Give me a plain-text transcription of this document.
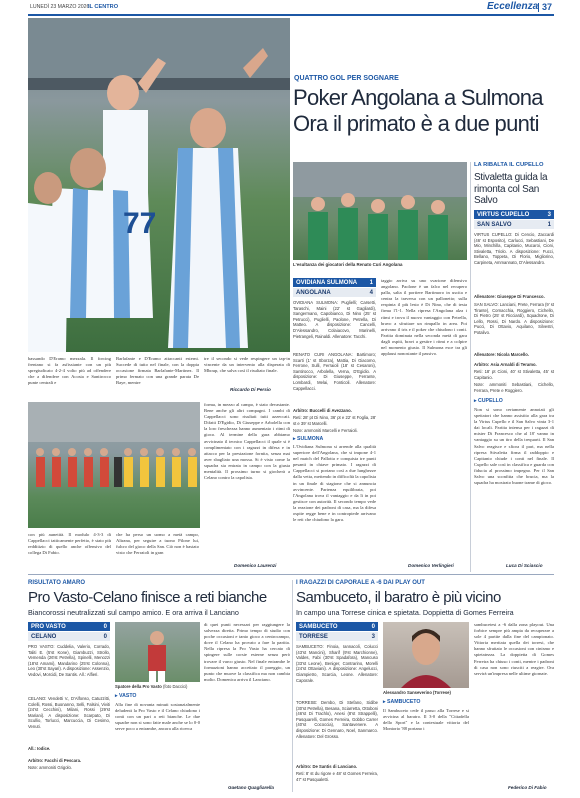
LUNEDÌ 23 MARZO 2026
IL CENTRO	Eccellenza 37
77
QUATTRO GOL PER SOGNARE
Poker Angolana a Sulmona
Ora il primato è a due punti
L'esultanza dei giocatori della Renato Curi Angolana
bassando D'Eramo mezzala. Il forcing frentano si fa asfissiante con un più spregiudicato 4-2-4 volto più ad offendere che a difendere con Acosta e Santirocco punte centrali e
Barlafante e D'Eramo attaccanti esterni. Succede di tutto nel finale, con la doppia occasione firmata Barlafante-Martinez. Il primo fermato con una grande parata De Baye, mentre
tre il secondo si vede respingere un tap-in vincente da un intervento alla disperata di Mboup, che salva così il risultato finale.
Riccardo Di Persio
con più aunetità. Il modulo 4-3-3 di Cappellacci tatticamente perfetto, è stato più redditizio di quello anche offensivo del collega Di Fabio.
che ha perso un uomo a metà campo, Altrana, per seguire a tuono Pilone lui, fulcro del gioco della San. Ciò non è bastato visto che Ferraioli in gran
forma, in mezzo al campo, è stato devastante. Bene anche gli altri compagni. I cambi di Cappellacci sono risultati tutti azzeccati. Difatti D'Egidio, Di Giuseppe e Arbolella con la loro freschezza hanno aumentato i ritmi di gioco. Al termine della gara abbiamo avvicinato il tecnico Cappellacci il quale si è complimentato con i ragazzi in difesa e in attacco per la prestazione fornita, senza mai aver sbagliato una mossa. Si è visto come la squadra sia entrata in campo con la giusta mentalità. Il prossimo turno si giocherà a Celano contro la capolista.
Domenico Laurenzi
OVIDIANA SULMONA 1
ANGOLANA	4
OVIDIANA SULMONA: Puglielli; Carsetti, Taraschi, Maini (22' st Gagliardi), Sangermano, Capobianco, Di Nino (25' st Petrucci), Puglielli, Paolone, Petrella, Di Matteo. A disposizione: Cancelli, D'Alessandro, Colaiacovo, Marinelli, Pietrangeli, Rainaldi. Allenatore: Tacchi.
RENATO CURI ANGOLANA: Bartimoro; Scarti (1' st Sborza), Mattia, Di Giacomo, Ferrone, Sulli, Ferraioli (18' st Cesaroni), Santirocco, Arbolella, Verna, D'Egidio. A disposizione: Di Giuseppe, Ferrante, Lombardi, Melai, Fonticoli. Allenatore: Cappellacci.
Arbitro: Buccelli di Avezzano.
Reti: 28' pt Di Nino, 36' pt e 22' st Foglia, 28' st e 39' st Marcelli.
Note: ammoniti Marcelli e Ferraioli.
▸ SULMONA
L'Ovidiana Sulmona si arrende alla qualità superiore dell'Angolana, che si impone 4-1 nel match del Pallotta e conquista tre punti pesanti in chiave primato. I ragazzi di Cappellacci si portano così a due lunghezze dalla vetta, mettendo in difficoltà la capolista in un finale di stagione che si annuncia avvincente. Partenza equilibrata, poi l'Angolana trova il vantaggio e da lì in poi gestisce con autorità. Il secondo tempo vede la reazione dei padroni di casa, ma la difesa ospite regge bene e in contropiede arrivano le reti che chiudono la gara.
taggio arriva su uno svarione difensivo angolano. Paolone è un falco nel recupero palla, salta il portiere Bartimoro in uscita e centra la traversa con un pallonetto; sulla respinta il più lesto è Di Nino, che di testa firma l'1-1. Nella ripresa l'Angolana alza i ritmi e trova il nuovo vantaggio con Petrella, bravo a sfruttare un rimpallo in area. Poi arrivano il tris e il poker che chiudono i conti. Partita dominata nella seconda metà di gara dagli ospiti, bravi a gestire i ritmi e a colpire nel momento giusto. Il Sulmona esce tra gli applausi nonostante il passivo.
Domenico Verlingieri
LA RIBALTA IL CUPELLO
Stivaletta guida la rimonta col San Salvo
VIRTUS CUPELLO	3
SAN SALVO	1
VIRTUS CUPELLO: Di Cencio, Zaccardi (46' st Esposito), Carlucci, Sebastiani, De Mio, Minchilla, Capitanio, Mucaroi, Cioni, Stivaletta, Triolo. A disposizione: Fucci, Bellano, Toppeta, Di Florio, Migliorino, Carpineta, Ammannato, D'Alessandro.
Allenatore: Giuseppe Di Francesco.
SAN SALVO: Lanciani, Prete, Ferrara (9' st Tirante), Cornacchia, Roggiero, Cichello, Di Pietro (25' st Ricciardi), Squadrone, Di Lello, Rossi, Di Nardo. A disposizione: Pucci, Di Ottavio, Aquilano, Silvestri, Potalivo.
Allenatore: Nicola Marcello.
Arbitro: Asia Arnaldi di Teramo.
Reti: 18' pt Cioni, 40' st Stivaletta, 45' st Capitanio.
Note: ammoniti Sebastiani, Cichello, Ferrara, Prete e Roggiero.
▸ CUPELLO
Non si sono certamente annoiati gli spettatori che hanno assistito alla gara tra la Virtus Cupello e il San Salvo vinta 3-1 dai locali. Partita intensa per i ragazzi di mister Di Francesco che al 18' vanno in vantaggio su un tiro della trequarti. Il San Salvo reagisce e sfiora il pari, ma nella ripresa Stivaletta firma il raddoppio e Capitanio chiude i conti nel finale. Il Cupello sale così in classifica e guarda con fiducia al prossimo impegno. Per il San Salvo una sconfitta che brucia, ma la squadra ha mostrato buone trame di gioco.
Luca Di Sciascio
RISULTATO AMARO
Pro Vasto-Celano finisce a reti bianche
Biancorossi neutralizzati sul campo amico. E ora arriva il Lanciano
PRO VASTO	0
CELANO	0
PRO VASTO: Cuddelia, Valerio, Corrado, Taliti E. (5'st Kone), Giambuzzi, Strollo, Vemenda (26'st Petrella), Spinelli, Menozzi (18'st Amami), Mandarino (25'st Colonna), Leo (30'st Sayari). A disposizione: Assenzio, Vedovi, Morcidi, De Santis. All.: Alfieri.
CELANO: Vendetti V., D'Alfonso, Catuzzitti, Colelli, Rossi, Buonanno, Selli, Falsini, Viviti (24'st Cecchini), Milani, Rossi (29'st Mariani). A disposizione: Scarpato, Di Scullio, Torlucci, Marcuccia, Di Cesimo, Venuti.
All.: Iodice.
Arbitro: Facchi di Pescara.
Note: ammoniti Grigolo.
Spatore della Pro Vasto (foto Daccici)
▸ VASTO
Alla fine di novanta minuti sostanzialmente deludenti la Pro Vasto e il Celano chiudono i conti con un pari a reti bianche. Le due squadre non si sono fatte male anche se lo 0-0 serve poco a entrambe, ancora alla ricerca
di quei punti necessari per raggiungere la salvezza diretta. Primo tempo di studio con poche occasioni e tanto gioco a centrocampo, dove il Celano ha provato a fare la partita. Nella ripresa la Pro Vasto ha cercato di spingere sulle corsie esterne senza però trovare il varco giusto. Nel finale entrambe le formazioni hanno accettato il pareggio, un punto che muove la classifica ma non cambia molto. Domenica arriva il Lanciano.
Gaetano Quagliarella
I RAGAZZI DI CAPORALE A -6 DAI PLAY OUT
Sambuceto, il baratro è più vicino
In campo una Torrese cinica e spietata. Doppietta di Gomes Ferreira
SAMBUCETO	0
TORRESE	3
SAMBUCETO: Finoia, Iannacoli, Colucci (43'st Mancini), Sharif (9'st Marchionne), Valdes, Fabi (30'st Spadafora), Mancuso (33'st Leone), Beniger, Contrarino, Morelli (24'st Ottaviani). A disposizione: Angelucci, Giampietro, Scarcia, Leone. Allenatore: Caporale.
TORRESE: Dembo, Di Stefano, Sidibe (30'st Petrella), Besana, Sciarretta, Ottoboni (46'st Di Trachlo), Anesi (8'st Strappelli), Pasquarelli, Gomes Ferreira, Gobbo Carrer (40'st Cococcia), Santavenere. A disposizione: Di Gennaro, Noel, Sanmarco. Allenatore: Del Grosso.
Arbitro: De Santis di Lanciano.
Reti: 8' st du rigore e 48' st Gomes Ferreira, 47' st Pasqualetti.
Alessandro Sanseverino (Torrese)
▸ SAMBUCETO
Il Sambuceto cede il passo alla Torrese e si avvicina al baratro. Il 3-0 della "Cittadella dello Sport" e la contestuale vittoria del Montorio '88 portano i
sambucetesi a -6 dalla zona playout. Una forbice sempre più ampia da recuperare a sole 4 partite dalla fine del campionato. Vittoria meritata quella dei torresi, che hanno sfruttato le occasioni con cinismo e spietatezza. La doppietta di Gomes Ferreira ha chiuso i conti, mentre i padroni di casa non sono riusciti a reagire. Ora servirà un'impresa nelle ultime giornate.
Federico Di Fabio
